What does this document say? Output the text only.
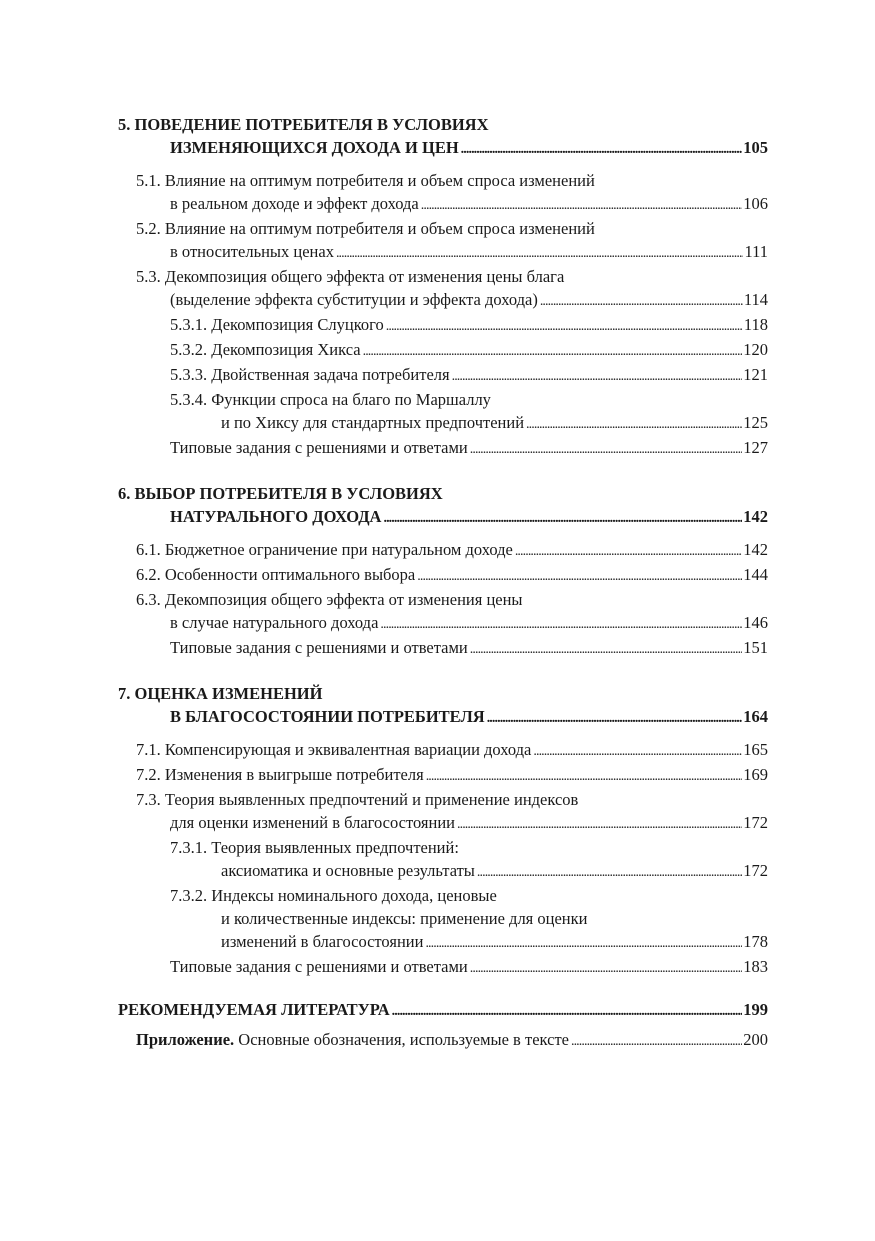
5. ПОВЕДЕНИЕ ПОТРЕБИТЕЛЯ В УСЛОВИЯХ
ИЗМЕНЯЮЩИХСЯ ДОХОДА И ЦЕН . . .	105
5.1. Влияние на оптимум потребителя и объем спроса изменений
в реальном доходе и эффект дохода . . .	106
5.2. Влияние на оптимум потребителя и объем спроса изменений
в относительных ценах . . .	111
5.3. Декомпозиция общего эффекта от изменения цены блага
(выделение эффекта субституции и эффекта дохода) . . .	114
5.3.1. Декомпозиция Слуцкого . . .	118
5.3.2. Декомпозиция Хикса . . .	120
5.3.3. Двойственная задача потребителя . . .	121
5.3.4. Функции спроса на благо по Маршаллу
и по Хиксу для стандартных предпочтений . . .	125
Типовые задания с решениями и ответами . . .	127
6. ВЫБОР ПОТРЕБИТЕЛЯ В УСЛОВИЯХ
НАТУРАЛЬНОГО ДОХОДА . . .	142
6.1. Бюджетное ограничение при натуральном доходе . . .	142
6.2. Особенности оптимального выбора . . .	144
6.3. Декомпозиция общего эффекта от изменения цены
в случае натурального дохода . . .	146
Типовые задания с решениями и ответами . . .	151
7. ОЦЕНКА ИЗМЕНЕНИЙ
В БЛАГОСОСТОЯНИИ ПОТРЕБИТЕЛЯ . . .	164
7.1. Компенсирующая и эквивалентная вариации дохода . . .	165
7.2. Изменения в выигрыше потребителя . . .	169
7.3. Теория выявленных предпочтений и применение индексов
для оценки изменений в благосостоянии . . .	172
7.3.1. Теория выявленных предпочтений:
аксиоматика и основные результаты . . .	172
7.3.2. Индексы номинального дохода, ценовые
и количественные индексы: применение для оценки
изменений в благосостоянии . . .	178
Типовые задания с решениями и ответами . . .	183
РЕКОМЕНДУЕМАЯ ЛИТЕРАТУРА . . .	199
Приложение. Основные обозначения, используемые в тексте . . .	200
